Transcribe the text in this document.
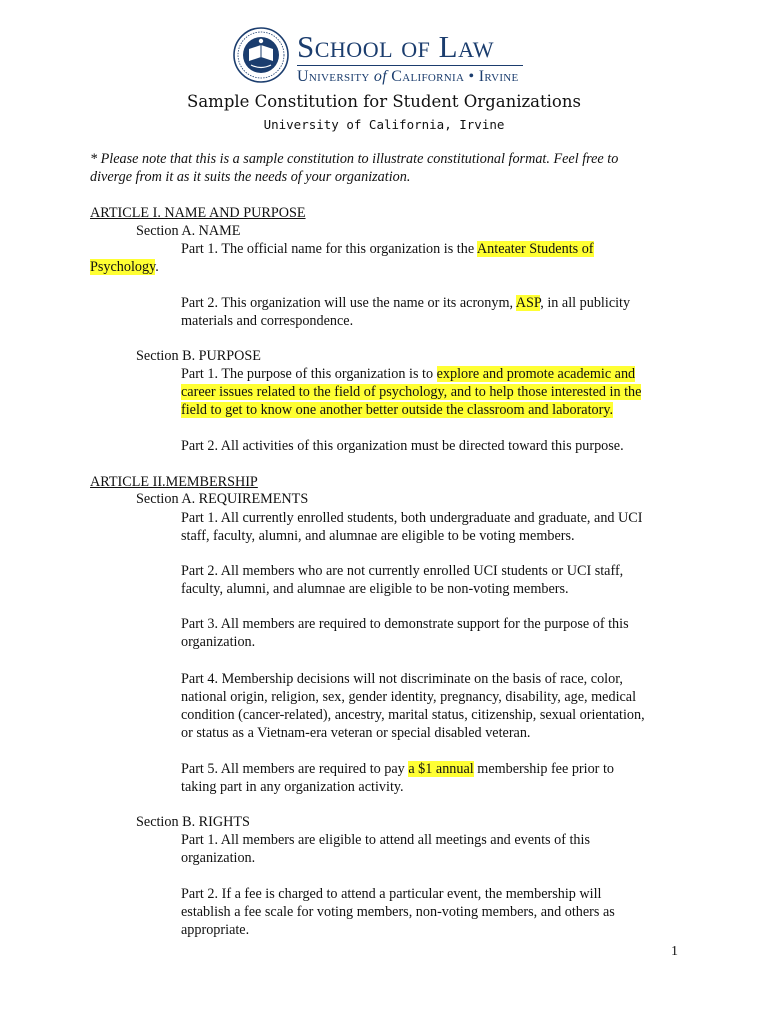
School of Law
University of California • Irvine
Sample Constitution for Student Organizations
University of California, Irvine
* Please note that this is a sample constitution to illustrate constitutional format. Feel free to
diverge from it as it suits the needs of your organization.
ARTICLE I. NAME AND PURPOSE
Section A. NAME
Part 1. The official name for this organization is the Anteater Students of
Psychology.
Part 2. This organization will use the name or its acronym, ASP, in all publicity
materials and correspondence.
Section B. PURPOSE
Part 1. The purpose of this organization is to explore and promote academic and
career issues related to the field of psychology, and to help those interested in the
field to get to know one another better outside the classroom and laboratory.
Part 2. All activities of this organization must be directed toward this purpose.
ARTICLE II.MEMBERSHIP
Section A. REQUIREMENTS
Part 1. All currently enrolled students, both undergraduate and graduate, and UCI
staff, faculty, alumni, and alumnae are eligible to be voting members.
Part 2. All members who are not currently enrolled UCI students or UCI staff,
faculty, alumni, and alumnae are eligible to be non-voting members.
Part 3. All members are required to demonstrate support for the purpose of this
organization.
Part 4. Membership decisions will not discriminate on the basis of race, color,
national origin, religion, sex, gender identity, pregnancy, disability, age, medical
condition (cancer-related), ancestry, marital status, citizenship, sexual orientation,
or status as a Vietnam-era veteran or special disabled veteran.
Part 5. All members are required to pay a $1 annual membership fee prior to
taking part in any organization activity.
Section B. RIGHTS
Part 1. All members are eligible to attend all meetings and events of this
organization.
Part 2. If a fee is charged to attend a particular event, the membership will
establish a fee scale for voting members, non-voting members, and others as
appropriate.
1
